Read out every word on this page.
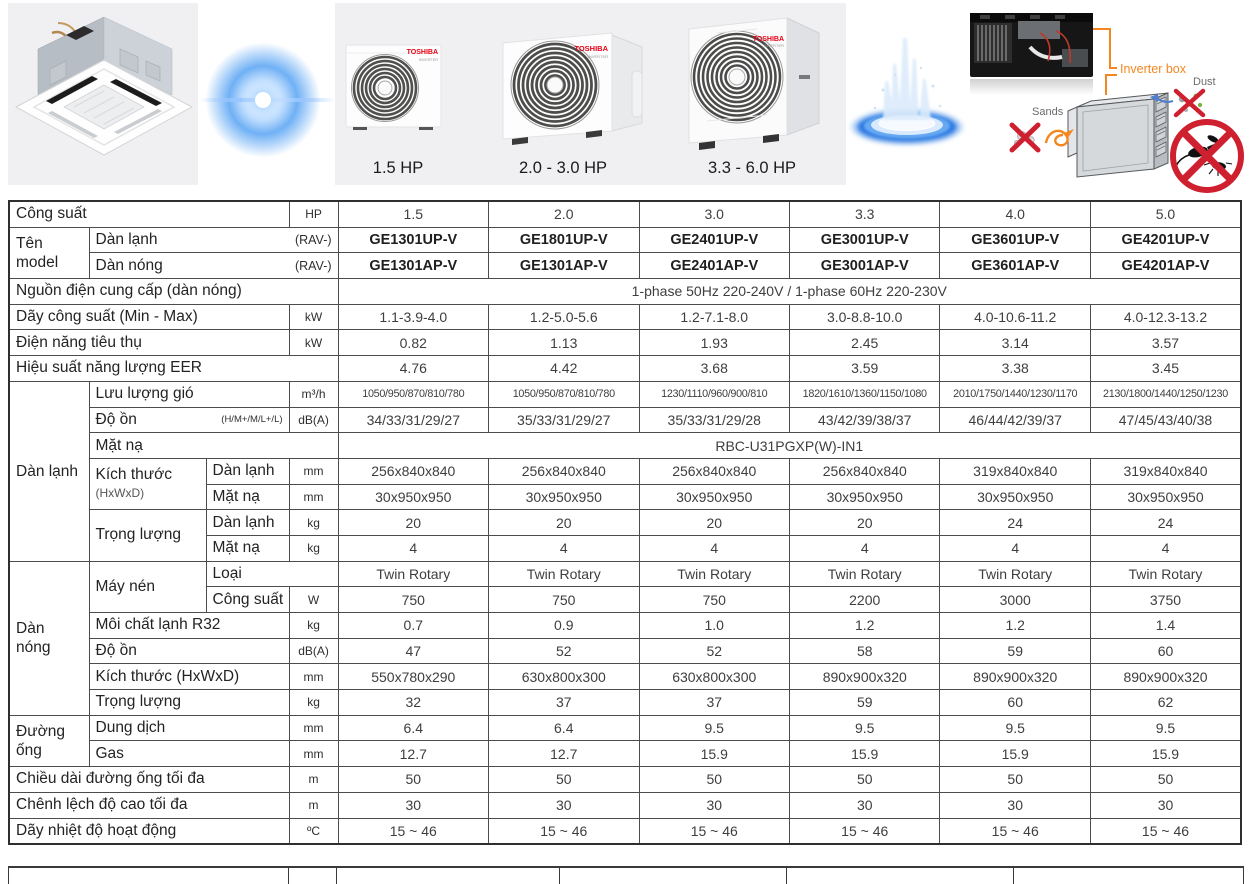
TOSHIBA
INVERTER
TOSHIBA
INVERTER
TOSHIBA
INVERTER
1.5 HP	2.0 - 3.0 HP	3.3 - 6.0 HP
Inverter box
Sands
Dust
Công suất			HP	1.5	2.0	3.0	3.3	4.0	5.0
Tên model	Dàn lạnh (RAV-)			GE1301UP-V	GE1801UP-V	GE2401UP-V	GE3001UP-V	GE3601UP-V	GE4201UP-V

	Dàn nóng (RAV-)			GE1301AP-V	GE1301AP-V	GE2401AP-V	GE3001AP-V	GE3601AP-V	GE4201AP-V
Nguồn điện cung cấp (dàn nóng)				1-phase 50Hz 220-240V / 1-phase 60Hz 220-230V					
Dãy công suất (Min - Max)			kW	1.1-3.9-4.0	1.2-5.0-5.6	1.2-7.1-8.0	3.0-8.8-10.0	4.0-10.6-11.2	4.0-12.3-13.2
Điện năng tiêu thụ			kW	0.82	1.13	1.93	2.45	3.14	3.57
Hiệu suất năng lượng EER				4.76	4.42	3.68	3.59	3.38	3.45
Dàn lạnh	Lưu lượng gió		m³/h	1050/950/870/810/780	1050/950/870/810/780	1230/1110/960/900/810	1820/1610/1360/1150/1080	2010/1750/1440/1230/1170	2130/1800/1440/1250/1230

	Độ ồn (H/M+/M/L+/L)		dB(A)	34/33/31/29/27	35/33/31/29/27	35/33/31/29/28	43/42/39/38/37	46/44/42/39/37	47/45/43/40/38
	Mặt nạ			RBC-U31PGXP(W)-IN1					
	Kích thước
(HxWxD)	Dàn lạnh	mm	256x840x840	256x840x840	256x840x840	256x840x840	319x840x840	319x840x840
		Mặt nạ	mm	30x950x950	30x950x950	30x950x950	30x950x950	30x950x950	30x950x950
	Trọng lượng	Dàn lạnh	kg	20	20	20	20	24	24
		Mặt nạ	kg	4	4	4	4	4	4
Dàn nóng	Máy nén	Loại		Twin Rotary	Twin Rotary	Twin Rotary	Twin Rotary	Twin Rotary	Twin Rotary
		Công suất	W	750	750	750	2200	3000	3750
	Môi chất lạnh R32		kg	0.7	0.9	1.0	1.2	1.2	1.4
	Độ ồn		dB(A)	47	52	52	58	59	60
	Kích thước (HxWxD)		mm	550x780x290	630x800x300	630x800x300	890x900x320	890x900x320	890x900x320
	Trọng lượng		kg	32	37	37	59	60	62
Đường ống	Dung dịch		mm	6.4	6.4	9.5	9.5	9.5	9.5
	Gas		mm	12.7	12.7	15.9	15.9	15.9	15.9
Chiều dài đường ống tối đa			m	50	50	50	50	50	50
Chênh lệch độ cao tối đa			m	30	30	30	30	30	30
Dãy nhiệt độ hoạt động			ºC	15 ~ 46	15 ~ 46	15 ~ 46	15 ~ 46	15 ~ 46	15 ~ 46
